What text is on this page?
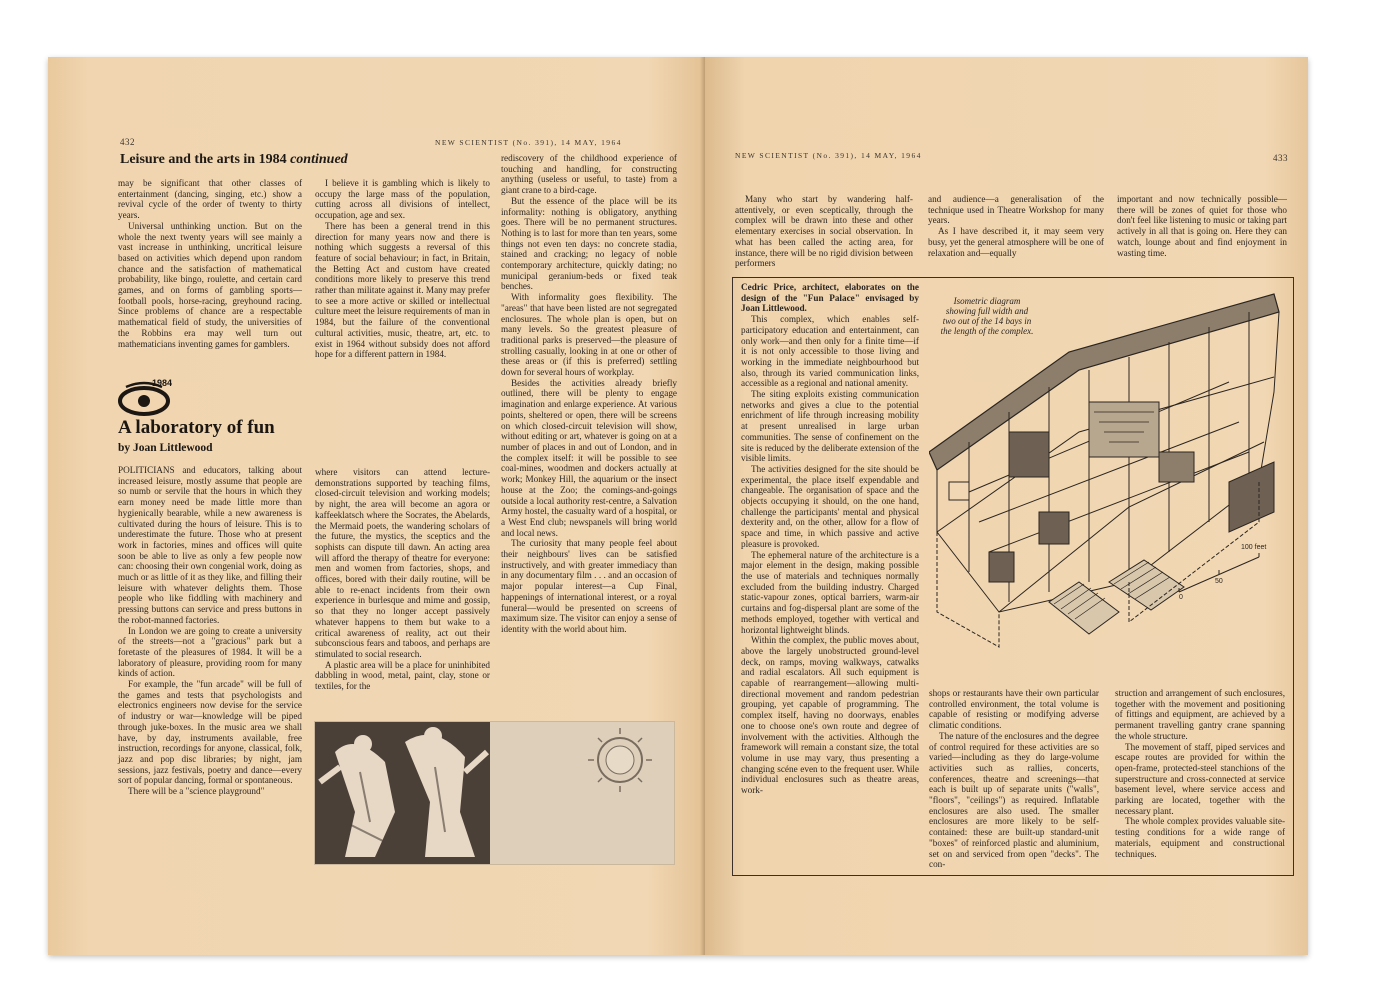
432	NEW SCIENTIST (No. 391), 14 MAY, 1964
Leisure and the arts in 1984 continued

may be significant that other classes of entertainment (dancing, singing, etc.) show a revival cycle of the order of twenty to thirty years.

Universal unthinking unction. But on the whole the next twenty years will see mainly a vast increase in unthinking, uncritical leisure based on activities which depend upon random chance and the satisfaction of mathematical probability, like bingo, roulette, and certain card games, and on forms of gambling sports—football pools, horse-racing, greyhound racing. Since problems of chance are a respectable mathematical field of study, the universities of the Robbins era may well turn out mathematicians inventing games for gamblers.

I believe it is gambling which is likely to occupy the large mass of the population, cutting across all divisions of intellect, occupation, age and sex.

There has been a general trend in this direction for many years now and there is nothing which suggests a reversal of this feature of social behaviour; in fact, in Britain, the Betting Act and custom have created conditions more likely to preserve this trend rather than militate against it. Many may prefer to see a more active or skilled or intellectual culture meet the leisure requirements of man in 1984, but the failure of the conventional cultural activities, music, theatre, art, etc. to exist in 1964 without subsidy does not afford hope for a different pattern in 1984.

1984
A laboratory of fun
by Joan Littlewood

POLITICIANS and educators, talking about increased leisure, mostly assume that people are so numb or servile that the hours in which they earn money need be made little more than hygienically bearable, while a new awareness is cultivated during the hours of leisure. This is to underestimate the future. Those who at present work in factories, mines and offices will quite soon be able to live as only a few people now can: choosing their own congenial work, doing as much or as little of it as they like, and filling their leisure with whatever delights them. Those people who like fiddling with machinery and pressing buttons can service and press buttons in the robot-manned factories.

In London we are going to create a university of the streets—not a "gracious" park but a foretaste of the pleasures of 1984. It will be a laboratory of pleasure, providing room for many kinds of action.

For example, the "fun arcade" will be full of the games and tests that psychologists and electronics engineers now devise for the service of industry or war—knowledge will be piped through juke-boxes. In the music area we shall have, by day, instruments available, free instruction, recordings for anyone, classical, folk, jazz and pop disc libraries; by night, jam sessions, jazz festivals, poetry and dance—every sort of popular dancing, formal or spontaneous.

There will be a "science playground"

where visitors can attend lecture-demonstrations supported by teaching films, closed-circuit television and working models; by night, the area will become an agora or kaffeeklatsch where the Socrates, the Abelards, the Mermaid poets, the wandering scholars of the future, the mystics, the sceptics and the sophists can dispute till dawn. An acting area will afford the therapy of theatre for everyone: men and women from factories, shops, and offices, bored with their daily routine, will be able to re-enact incidents from their own experience in burlesque and mime and gossip, so that they no longer accept passively whatever happens to them but wake to a critical awareness of reality, act out their subconscious fears and taboos, and perhaps are stimulated to social research.

A plastic area will be a place for uninhibited dabbling in wood, metal, paint, clay, stone or textiles, for the

rediscovery of the childhood experience of touching and handling, for constructing anything (useless or useful, to taste) from a giant crane to a bird-cage.

But the essence of the place will be its informality: nothing is obligatory, anything goes. There will be no permanent structures. Nothing is to last for more than ten years, some things not even ten days: no concrete stadia, stained and cracking; no legacy of noble contemporary architecture, quickly dating; no municipal geranium-beds or fixed teak benches.

With informality goes flexibility. The "areas" that have been listed are not segregated enclosures. The whole plan is open, but on many levels. So the greatest pleasure of traditional parks is preserved—the pleasure of strolling casually, looking in at one or other of these areas or (if this is preferred) settling down for several hours of workplay.

Besides the activities already briefly outlined, there will be plenty to engage imagination and enlarge experience. At various points, sheltered or open, there will be screens on which closed-circuit television will show, without editing or art, whatever is going on at a number of places in and out of London, and in the complex itself: it will be possible to see coal-mines, woodmen and dockers actually at work; Monkey Hill, the aquarium or the insect house at the Zoo; the comings-and-goings outside a local authority rest-centre, a Salvation Army hostel, the casualty ward of a hospital, or a West End club; newspanels will bring world and local news.

The curiosity that many people feel about their neighbours' lives can be satisfied instructively, and with greater immediacy than in any documentary film . . . and an occasion of major popular interest—a Cup Final, happenings of international interest, or a royal funeral—would be presented on screens of maximum size. The visitor can enjoy a sense of identity with the world about him.

NEW SCIENTIST (No. 391), 14 MAY, 1964	433

Many who start by wandering half-attentively, or even sceptically, through the complex will be drawn into these and other elementary exercises in social observation. In what has been called the acting area, for instance, there will be no rigid division between performers

and audience—a generalisation of the technique used in Theatre Workshop for many years.

As I have described it, it may seem very busy, yet the general atmosphere will be one of relaxation and—equally

important and now technically possible—there will be zones of quiet for those who don't feel like listening to music or taking part actively in all that is going on. Here they can watch, lounge about and find enjoyment in wasting time.

Cedric Price, architect, elaborates on the design of the "Fun Palace" envisaged by Joan Littlewood.

This complex, which enables self-participatory education and entertainment, can only work—and then only for a finite time—if it is not only accessible to those living and working in the immediate neighbourhood but also, through its varied communication links, accessible as a regional and national amenity.

The siting exploits existing communication networks and gives a clue to the potential enrichment of life through increasing mobility at present unrealised in large urban communities. The sense of confinement on the site is reduced by the deliberate extension of the visible limits.

The activities designed for the site should be experimental, the place itself expendable and changeable. The organisation of space and the objects occupying it should, on the one hand, challenge the participants' mental and physical dexterity and, on the other, allow for a flow of space and time, in which passive and active pleasure is provoked.

The ephemeral nature of the architecture is a major element in the design, making possible the use of materials and techniques normally excluded from the building industry. Charged static-vapour zones, optical barriers, warm-air curtains and fog-dispersal plant are some of the methods employed, together with vertical and horizontal lightweight blinds.

Within the complex, the public moves about, above the largely unobstructed ground-level deck, on ramps, moving walkways, catwalks and radial escalators. All such equipment is capable of rearrangement—allowing multi-directional movement and random pedestrian grouping, yet capable of programming. The complex itself, having no doorways, enables one to choose one's own route and degree of involvement with the activities. Although the framework will remain a constant size, the total volume in use may vary, thus presenting a changing scéne even to the frequent user. While individual enclosures such as theatre areas, work-

Isometric diagram showing full width and two out of the 14 bays in the length of the complex.
0
50
100 feet

shops or restaurants have their own particular controlled environment, the total volume is capable of resisting or modifying adverse climatic conditions.

The nature of the enclosures and the degree of control required for these activities are so varied—including as they do large-volume activities such as rallies, concerts, conferences, theatre and screenings—that each is built up of separate units ("walls", "floors", "ceilings") as required. Inflatable enclosures are also used. The smaller enclosures are more likely to be self-contained: these are built-up standard-unit "boxes" of reinforced plastic and aluminium, set on and serviced from open "decks". The con-

struction and arrangement of such enclosures, together with the movement and positioning of fittings and equipment, are achieved by a permanent travelling gantry crane spanning the whole structure.

The movement of staff, piped services and escape routes are provided for within the open-frame, protected-steel stanchions of the superstructure and cross-connected at service basement level, where service access and parking are located, together with the necessary plant.

The whole complex provides valuable site-testing conditions for a wide range of materials, equipment and constructional techniques.
